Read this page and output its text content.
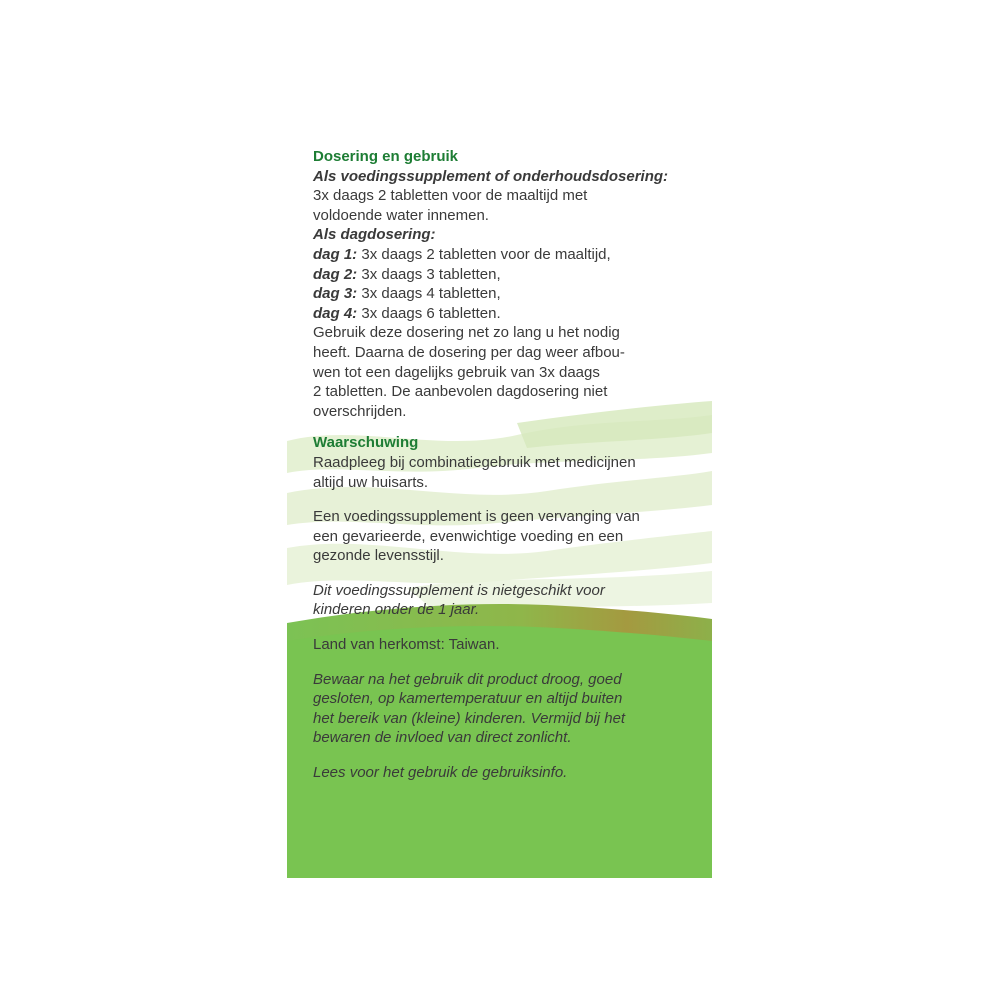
Dosering en gebruik

Als voedingssupplement of onderhoudsdosering:

3x daags 2 tabletten voor de maaltijd met

voldoende water innemen.

Als dagdosering:

dag 1: 3x daags 2 tabletten voor de maaltijd,

dag 2: 3x daags 3 tabletten,

dag 3: 3x daags 4 tabletten,

dag 4: 3x daags 6 tabletten.

Gebruik deze dosering net zo lang u het nodig

heeft. Daarna de dosering per dag weer afbou-

wen tot een dagelijks gebruik van 3x daags

2 tabletten. De aanbevolen dagdosering niet

overschrijden.

Waarschuwing

Raadpleeg bij combinatiegebruik met medicijnen

altijd uw huisarts.

Een voedingssupplement is geen vervanging van

een gevarieerde, evenwichtige voeding en een

gezonde levensstijl.

Dit voedingssupplement is nietgeschikt voor

kinderen onder de 1 jaar.

Land van herkomst: Taiwan.

Bewaar na het gebruik dit product droog, goed

gesloten, op kamertemperatuur en altijd buiten

het bereik van (kleine) kinderen. Vermijd bij het

bewaren de invloed van direct zonlicht.

Lees voor het gebruik de gebruiksinfo.
